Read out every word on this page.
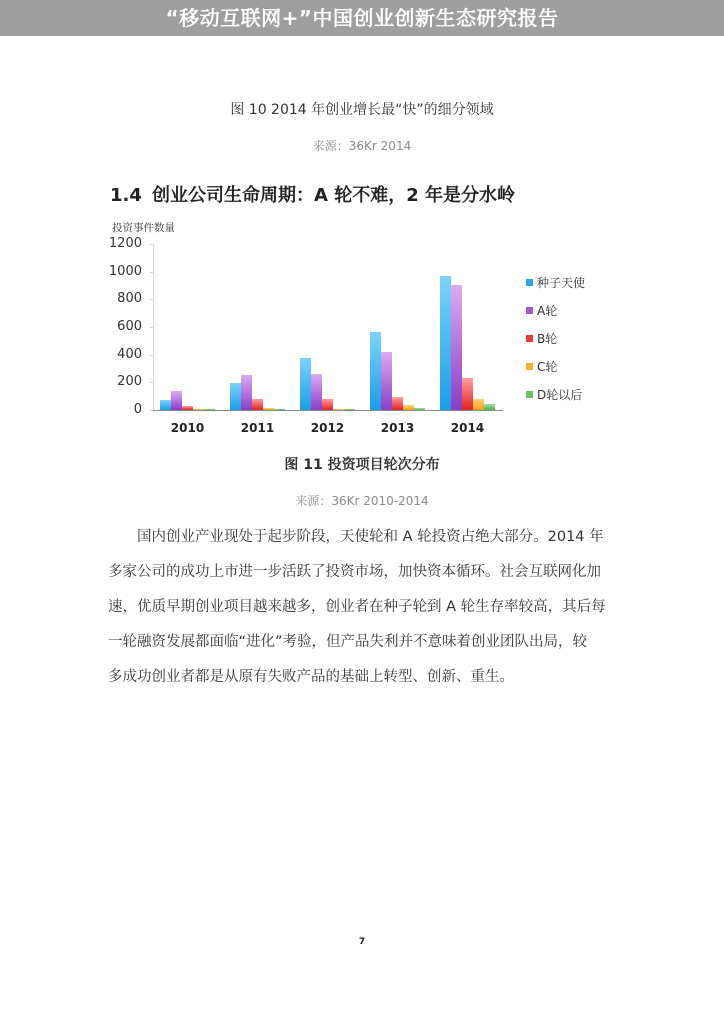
“移动互联网+”中国创业创新生态研究报告
图 10 2014 年创业增长最“快”的细分领域
来源：36Kr 2014
1.4 创业公司生命周期：A 轮不难，2 年是分水岭
投资事件数量
1200
1000
800
600
400
200
0
2010	2011	2012	2013	2014
种子天使
A轮
B轮
C轮
D轮以后
图 11 投资项目轮次分布
来源：36Kr 2010-2014

国内创业产业现处于起步阶段，天使轮和 A 轮投资占绝大部分。2014 年

多家公司的成功上市进一步活跃了投资市场，加快资本循环。社会互联网化加

速，优质早期创业项目越来越多，创业者在种子轮到 A 轮生存率较高，其后每

一轮融资发展都面临“进化”考验，但产品失利并不意味着创业团队出局，较

多成功创业者都是从原有失败产品的基础上转型、创新、重生。

7
